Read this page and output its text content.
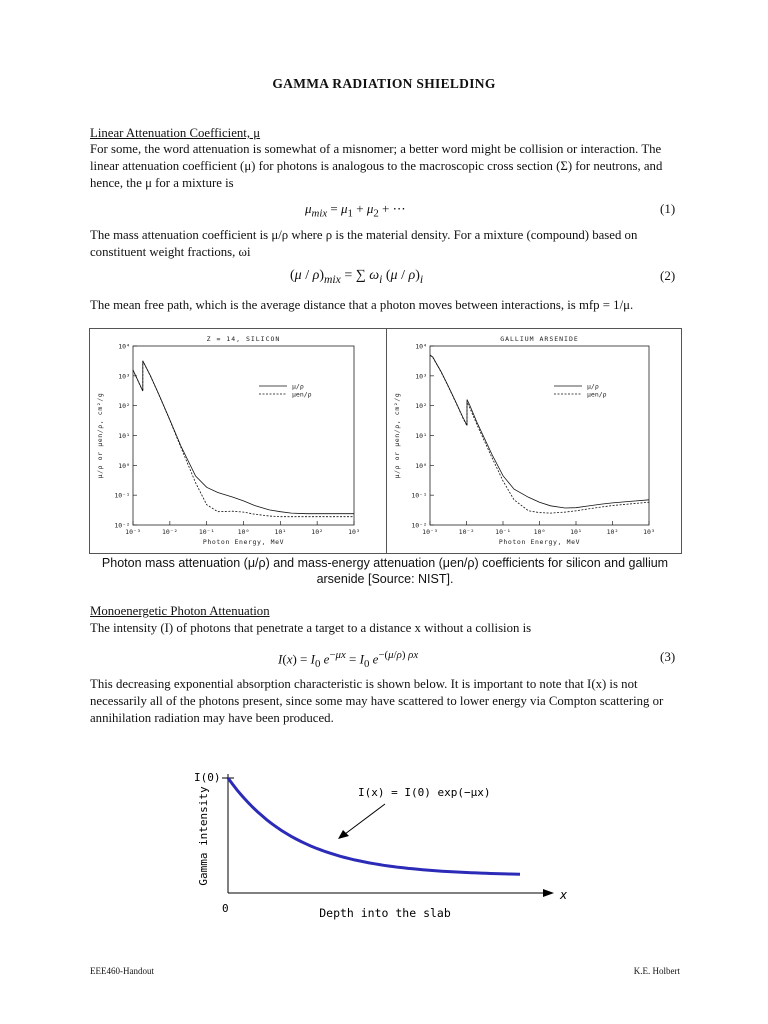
GAMMA RADIATION SHIELDING
Linear Attenuation Coefficient, μ
For some, the word attenuation is somewhat of a misnomer; a better word might be collision or interaction. The linear attenuation coefficient (μ) for photons is analogous to the macroscopic cross section (Σ) for neutrons, and hence, the μ for a mixture is
$\mu_{mix} = \mu_1 + \mu_2$ + ⋯	(1)
The mass attenuation coefficient is μ/ρ where ρ is the material density. For a mixture (compound) based on constituent weight fractions, ωi
$(\mu / \rho)_{mix}$ = ∑ $\omega_i$ $(\mu / \rho)_i$	(2)
The mean free path, which is the average distance that a photon moves between interactions, is mfp = 1/μ.
Z = 14, SILICON
10⁻³	10⁻²	10⁻¹	10⁰	10¹	10²	10³
10⁻²
10⁻¹
10⁰
10¹
10²
10³
10⁴
Photon Energy, MeV
μ/ρ or μen/ρ, cm²/g
μ/ρ
μen/ρ
GALLIUM ARSENIDE
10⁻³	10⁻²	10⁻¹	10⁰	10¹	10²	10³
10⁻²
10⁻¹
10⁰
10¹
10²
10³
10⁴
Photon Energy, MeV
μ/ρ or μen/ρ, cm²/g
μ/ρ
μen/ρ
Photon mass attenuation (μ/ρ) and mass-energy attenuation (μen/ρ) coefficients for silicon and gallium arsenide [Source: NIST].
Monoenergetic Photon Attenuation
The intensity (I) of photons that penetrate a target to a distance x without a collision is
$I(x) = I_0$ $e^{-\mu x} = I_0$ $e^{-(\mu/\rho) \rho x}$	(3)
This decreasing exponential absorption characteristic is shown below. It is important to note that I(x) is not necessarily all of the photons present, since some may have scattered to lower energy via Compton scattering or annihilation radiation may have been produced.
I(x) = I(0) exp(−μx)
I(0)
0
x
Depth into the slab
Gamma intensity
EEE460-Handout	K.E. Holbert
